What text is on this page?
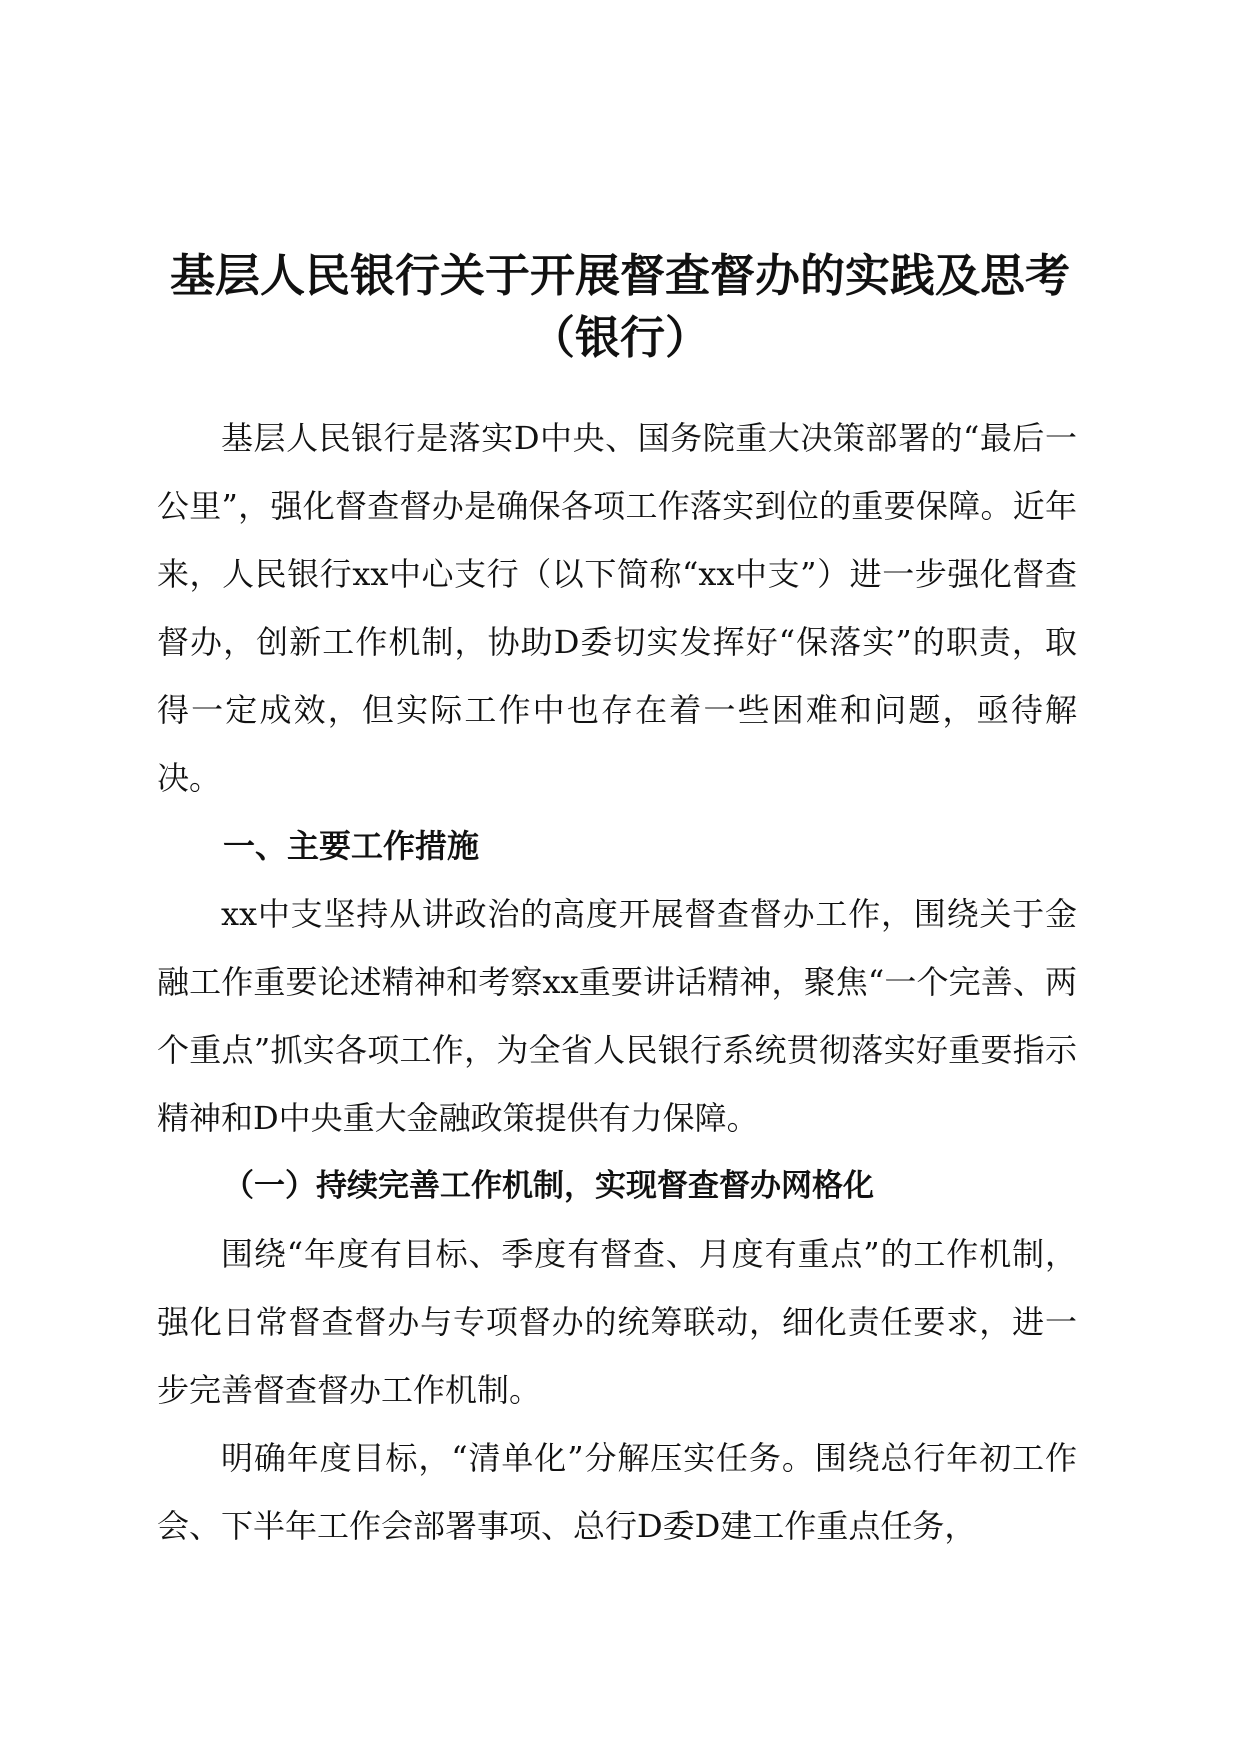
基层人民银行关于开展督查督办的实践及思考
（银行）

基层人民银行是落实D中央、国务院重大决策部署的“最后一公里”，强化督查督办是确保各项工作落实到位的重要保障。近年来，人民银行xx中心支行（以下简称“xx中支”）进一步强化督查督办，创新工作机制，协助D委切实发挥好“保落实”的职责，取得一定成效，但实际工作中也存在着一些困难和问题，亟待解决。

一、主要工作措施

xx中支坚持从讲政治的高度开展督查督办工作，围绕关于金融工作重要论述精神和考察xx重要讲话精神，聚焦“一个完善、两个重点”抓实各项工作，为全省人民银行系统贯彻落实好重要指示精神和D中央重大金融政策提供有力保障。

（一）持续完善工作机制，实现督查督办网格化

围绕“年度有目标、季度有督查、月度有重点”的工作机制，强化日常督查督办与专项督办的统筹联动，细化责任要求，进一步完善督查督办工作机制。

明确年度目标，“清单化”分解压实任务。围绕总行年初工作会、下半年工作会部署事项、总行D委D建工作重点任务，
